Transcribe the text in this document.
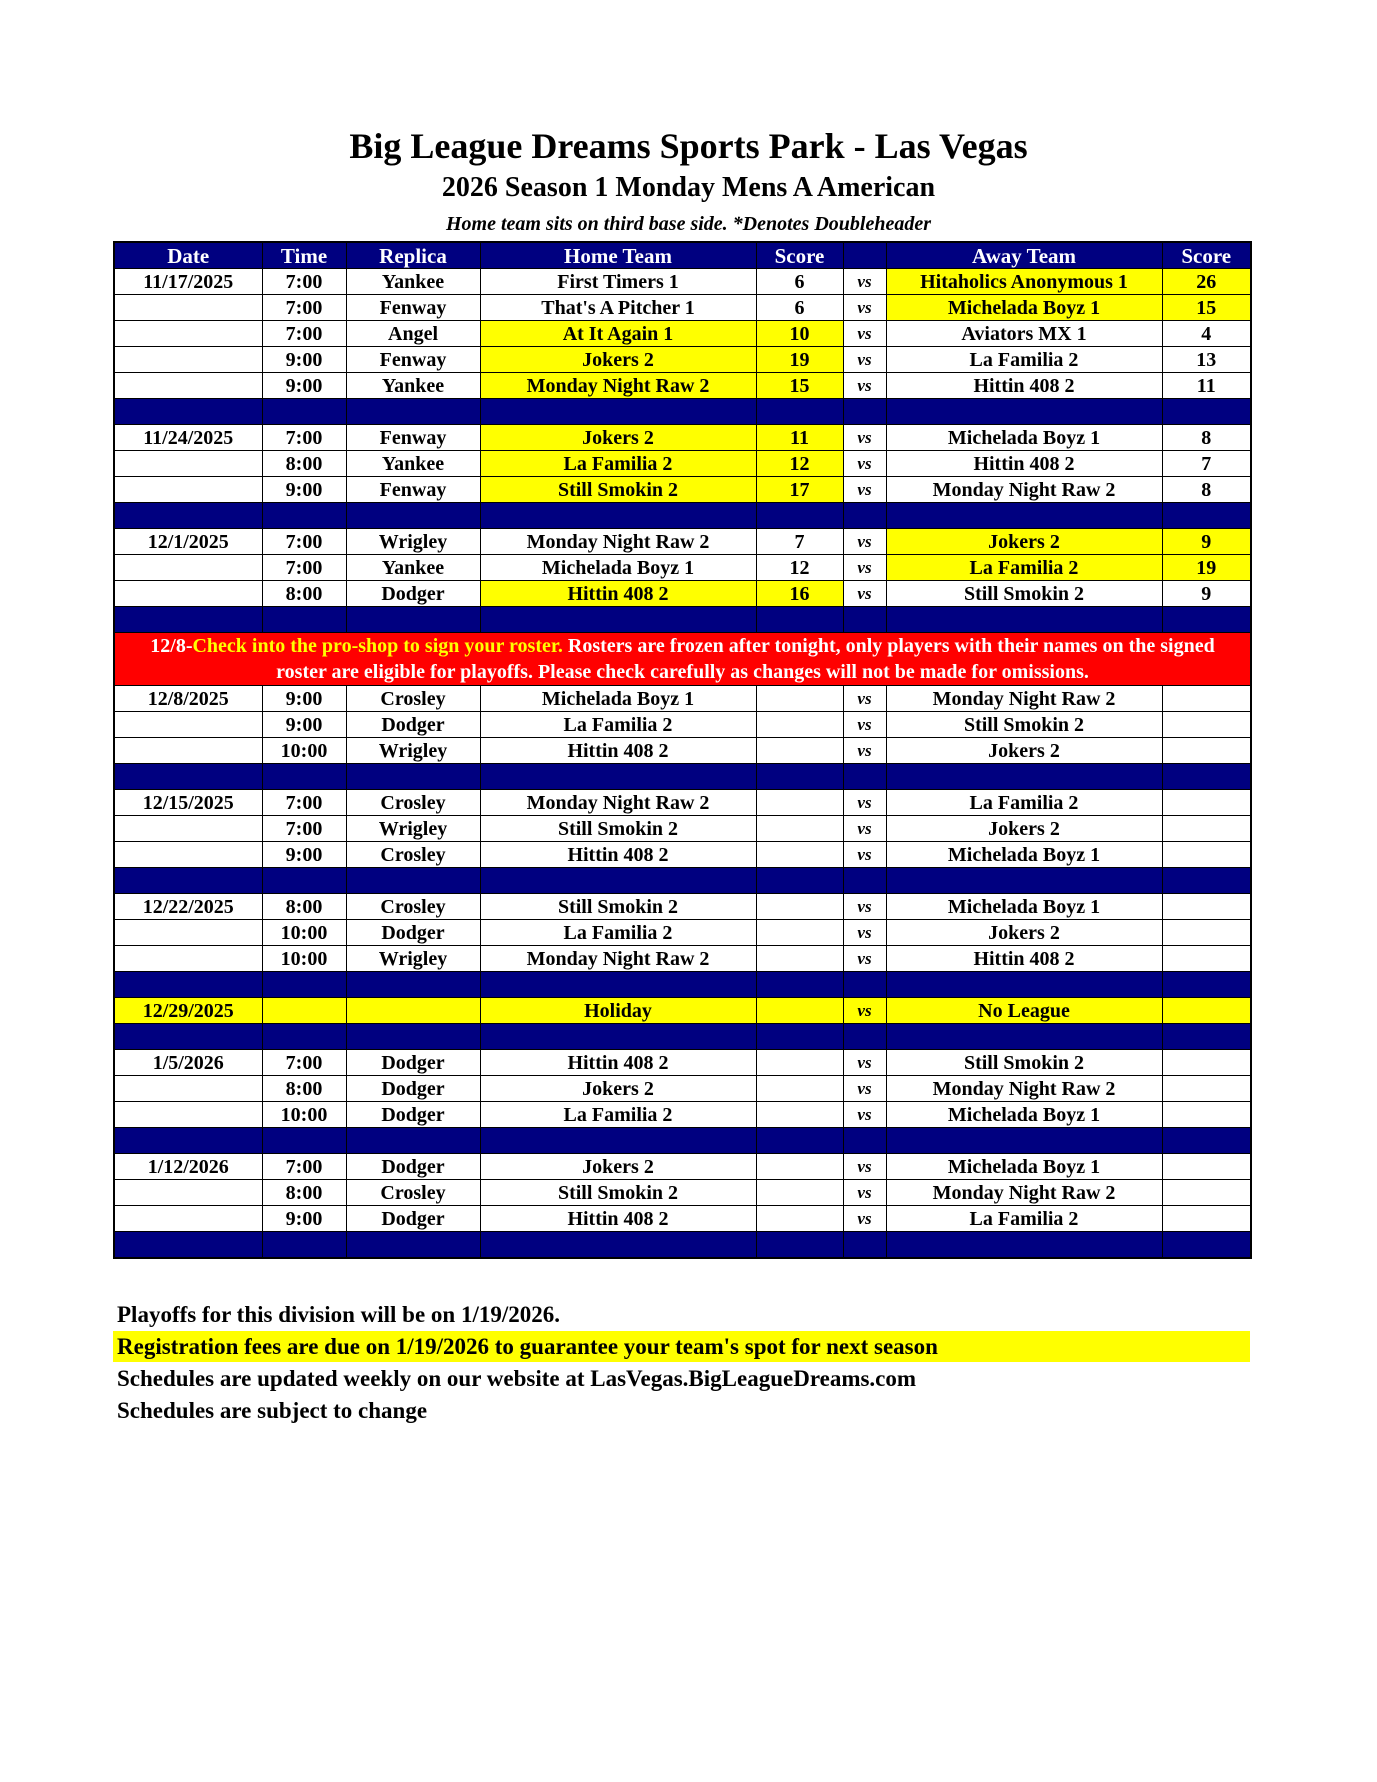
Big League Dreams Sports Park - Las Vegas
2026 Season 1 Monday Mens A American
Home team sits on third base side. *Denotes Doubleheader
Date	Time	Replica	Home Team	Score		Away Team	Score
11/17/2025	7:00	Yankee	First Timers 1	6	vs	Hitaholics Anonymous 1	26
	7:00	Fenway	That's A Pitcher 1	6	vs	Michelada Boyz 1	15
	7:00	Angel	At It Again 1	10	vs	Aviators MX 1	4
	9:00	Fenway	Jokers 2	19	vs	La Familia 2	13
	9:00	Yankee	Monday Night Raw 2	15	vs	Hittin 408 2	11

11/24/2025	7:00	Fenway	Jokers 2	11	vs	Michelada Boyz 1	8
	8:00	Yankee	La Familia 2	12	vs	Hittin 408 2	7
	9:00	Fenway	Still Smokin 2	17	vs	Monday Night Raw 2	8

12/1/2025	7:00	Wrigley	Monday Night Raw 2	7	vs	Jokers 2	9
	7:00	Yankee	Michelada Boyz 1	12	vs	La Familia 2	19
	8:00	Dodger	Hittin 408 2	16	vs	Still Smokin 2	9

12/8-Check into the pro-shop to sign your roster. Rosters are frozen after tonight, only players with their names on the signed roster are eligible for playoffs. Please check carefully as changes will not be made for omissions.							
12/8/2025	9:00	Crosley	Michelada Boyz 1		vs	Monday Night Raw 2	
	9:00	Dodger	La Familia 2		vs	Still Smokin 2	
	10:00	Wrigley	Hittin 408 2		vs	Jokers 2	

12/15/2025	7:00	Crosley	Monday Night Raw 2		vs	La Familia 2	
	7:00	Wrigley	Still Smokin 2		vs	Jokers 2	
	9:00	Crosley	Hittin 408 2		vs	Michelada Boyz 1	

12/22/2025	8:00	Crosley	Still Smokin 2		vs	Michelada Boyz 1	
	10:00	Dodger	La Familia 2		vs	Jokers 2	
	10:00	Wrigley	Monday Night Raw 2		vs	Hittin 408 2	

12/29/2025			Holiday		vs	No League	

1/5/2026	7:00	Dodger	Hittin 408 2		vs	Still Smokin 2	
	8:00	Dodger	Jokers 2		vs	Monday Night Raw 2	
	10:00	Dodger	La Familia 2		vs	Michelada Boyz 1	

1/12/2026	7:00	Dodger	Jokers 2		vs	Michelada Boyz 1	
	8:00	Crosley	Still Smokin 2		vs	Monday Night Raw 2	
	9:00	Dodger	Hittin 408 2		vs	La Familia 2	

Playoffs for this division will be on 1/19/2026.
Registration fees are due on 1/19/2026 to guarantee your team's spot for next season
Schedules are updated weekly on our website at LasVegas.BigLeagueDreams.com
Schedules are subject to change
